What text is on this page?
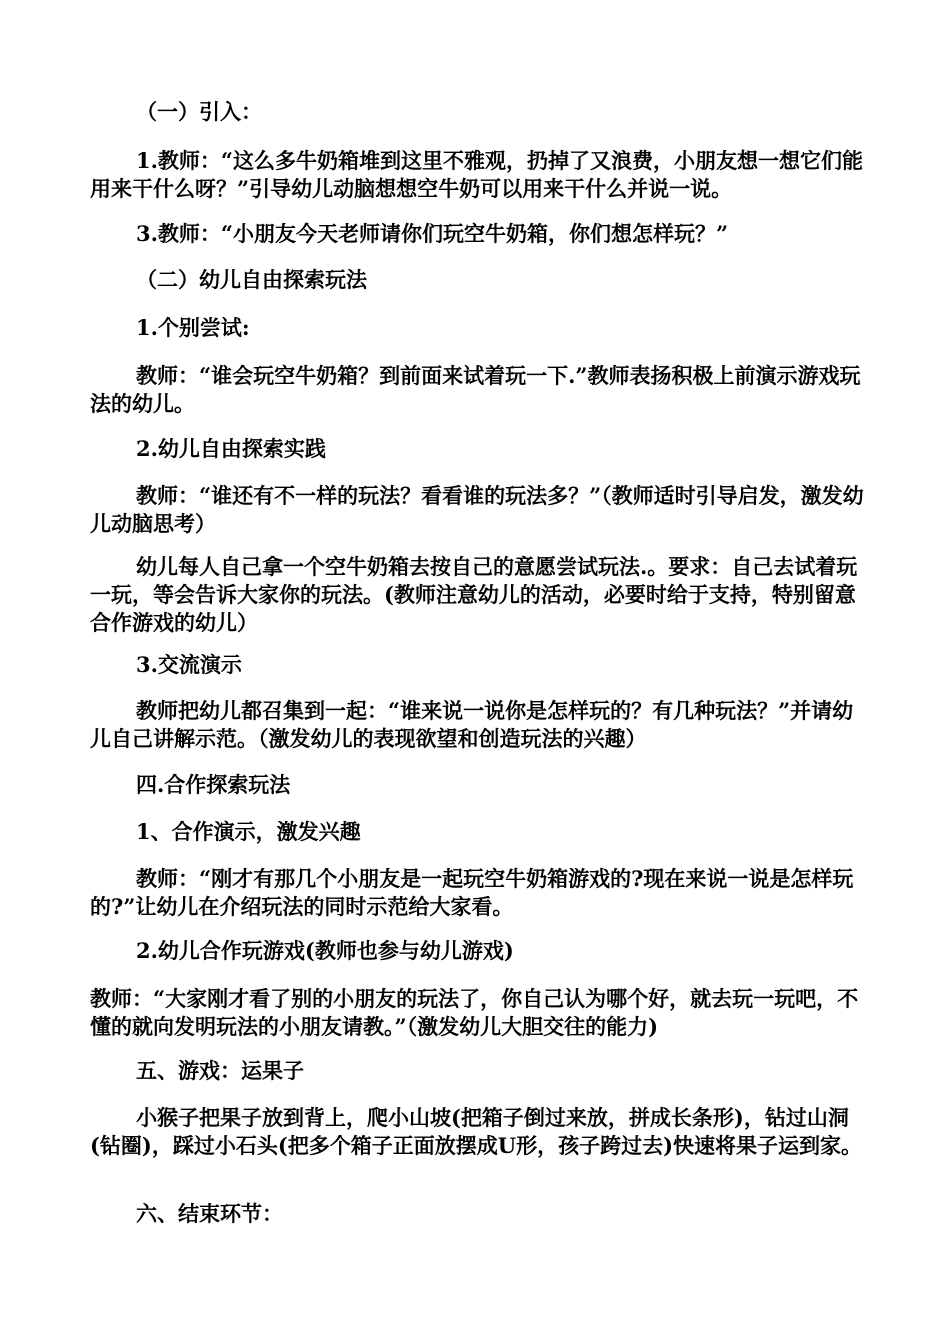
（一）引入：
1.教师：“这么多牛奶箱堆到这里不雅观，扔掉了又浪费，小朋友想一想它们能用来干什么呀？”引导幼儿动脑想想空牛奶可以用来干什么并说一说。
3.教师：“小朋友今天老师请你们玩空牛奶箱，你们想怎样玩？”
（二）幼儿自由探索玩法
1.个别尝试:
教师：“谁会玩空牛奶箱？到前面来试着玩一下.”教师表扬积极上前演示游戏玩法的幼儿。
2.幼儿自由探索实践
教师：“谁还有不一样的玩法？看看谁的玩法多？”（教师适时引导启发，激发幼儿动脑思考）
幼儿每人自己拿一个空牛奶箱去按自己的意愿尝试玩法.。要求：自己去试着玩一玩，等会告诉大家你的玩法。(教师注意幼儿的活动，必要时给于支持，特别留意合作游戏的幼儿）
3.交流演示
教师把幼儿都召集到一起：“谁来说一说你是怎样玩的？有几种玩法？”并请幼儿自己讲解示范。（激发幼儿的表现欲望和创造玩法的兴趣）
四.合作探索玩法
1、合作演示，激发兴趣
教师：“刚才有那几个小朋友是一起玩空牛奶箱游戏的?现在来说一说是怎样玩的?”让幼儿在介绍玩法的同时示范给大家看。
2.幼儿合作玩游戏(教师也参与幼儿游戏)
教师：“大家刚才看了别的小朋友的玩法了，你自己认为哪个好，就去玩一玩吧，不懂的就向发明玩法的小朋友请教。”（激发幼儿大胆交往的能力)
五、游戏：运果子
小猴子把果子放到背上，爬小山坡(把箱子倒过来放，拼成长条形)，钻过山洞(钻圈)，踩过小石头(把多个箱子正面放摆成U形，孩子跨过去)快速将果子运到家。
六、结束环节：
